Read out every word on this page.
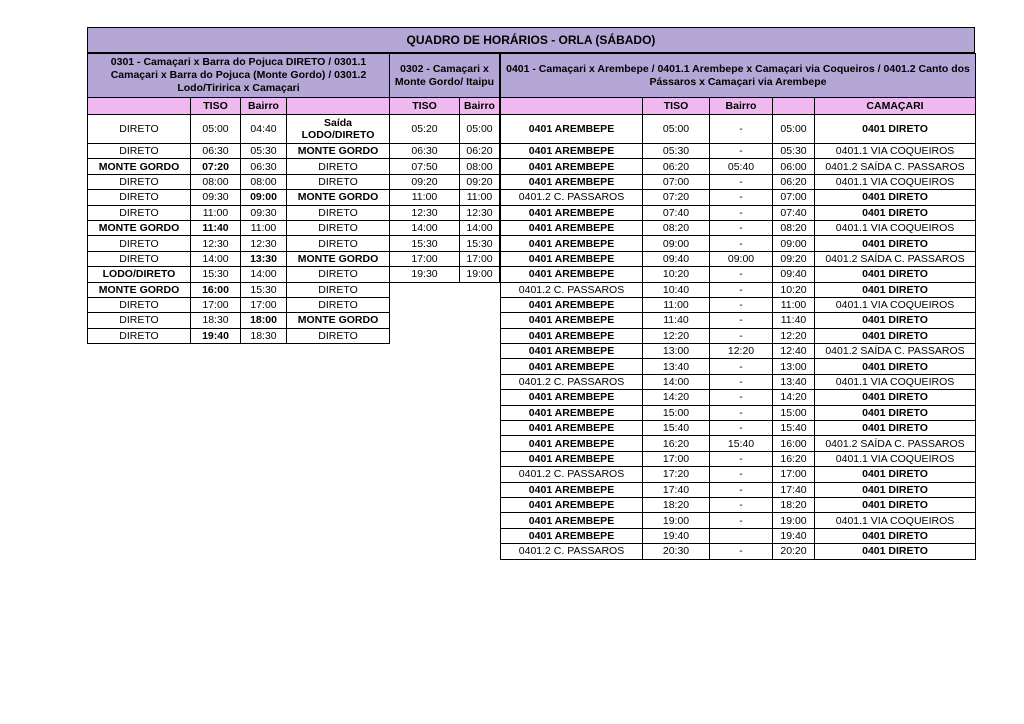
QUADRO DE HORÁRIOS - ORLA (SÁBADO)
0301 - Camaçari x Barra do Pojuca DIRETO / 0301.1 Camaçari x Barra do Pojuca (Monte Gordo) / 0301.2 Lodo/Tiririca x Camaçari			
	TISO	Bairro	
DIRETO	05:00	04:40	Saída LODO/DIRETO
DIRETO	06:30	05:30	MONTE GORDO
MONTE GORDO	07:20	06:30	DIRETO
DIRETO	08:00	08:00	DIRETO
DIRETO	09:30	09:00	MONTE GORDO
DIRETO	11:00	09:30	DIRETO
MONTE GORDO	11:40	11:00	DIRETO
DIRETO	12:30	12:30	DIRETO
DIRETO	14:00	13:30	MONTE GORDO
LODO/DIRETO	15:30	14:00	DIRETO
MONTE GORDO	16:00	15:30	DIRETO
DIRETO	17:00	17:00	DIRETO
DIRETO	18:30	18:00	MONTE GORDO
DIRETO	19:40	18:30	DIRETO
0302 - Camaçari x Monte Gordo/ Itaipu	
TISO	Bairro
05:20	05:00
06:30	06:20
07:50	08:00
09:20	09:20
11:00	11:00
12:30	12:30
14:00	14:00
15:30	15:30
17:00	17:00
19:30	19:00
0401 - Camaçari x Arembepe / 0401.1 Arembepe x Camaçari via Coqueiros / 0401.2 Canto dos Pássaros x Camaçari via Arembepe				
	TISO	Bairro		CAMAÇARI
0401 AREMBEPE	05:00	-	05:00	0401 DIRETO
0401 AREMBEPE	05:30	-	05:30	0401.1 VIA COQUEIROS
0401 AREMBEPE	06:20	05:40	06:00	0401.2 SAÍDA C. PASSAROS
0401 AREMBEPE	07:00	-	06:20	0401.1 VIA COQUEIROS
0401.2 C. PASSAROS	07:20	-	07:00	0401 DIRETO
0401 AREMBEPE	07:40	-	07:40	0401 DIRETO
0401 AREMBEPE	08:20	-	08:20	0401.1 VIA COQUEIROS
0401 AREMBEPE	09:00	-	09:00	0401 DIRETO
0401 AREMBEPE	09:40	09:00	09:20	0401.2 SAÍDA C. PASSAROS
0401 AREMBEPE	10:20	-	09:40	0401 DIRETO
0401.2 C. PASSAROS	10:40	-	10:20	0401 DIRETO
0401 AREMBEPE	11:00	-	11:00	0401.1 VIA COQUEIROS
0401 AREMBEPE	11:40	-	11:40	0401 DIRETO
0401 AREMBEPE	12:20	-	12:20	0401 DIRETO
0401 AREMBEPE	13:00	12:20	12:40	0401.2 SAÍDA C. PASSAROS
0401 AREMBEPE	13:40	-	13:00	0401 DIRETO
0401.2 C. PASSAROS	14:00	-	13:40	0401.1 VIA COQUEIROS
0401 AREMBEPE	14:20	-	14:20	0401 DIRETO
0401 AREMBEPE	15:00	-	15:00	0401 DIRETO
0401 AREMBEPE	15:40	-	15:40	0401 DIRETO
0401 AREMBEPE	16:20	15:40	16:00	0401.2 SAÍDA C. PASSAROS
0401 AREMBEPE	17:00	-	16:20	0401.1 VIA COQUEIROS
0401.2 C. PASSAROS	17:20	-	17:00	0401 DIRETO
0401 AREMBEPE	17:40	-	17:40	0401 DIRETO
0401 AREMBEPE	18:20	-	18:20	0401 DIRETO
0401 AREMBEPE	19:00	-	19:00	0401.1 VIA COQUEIROS
0401 AREMBEPE	19:40		19:40	0401 DIRETO
0401.2 C. PASSAROS	20:30	-	20:20	0401 DIRETO
